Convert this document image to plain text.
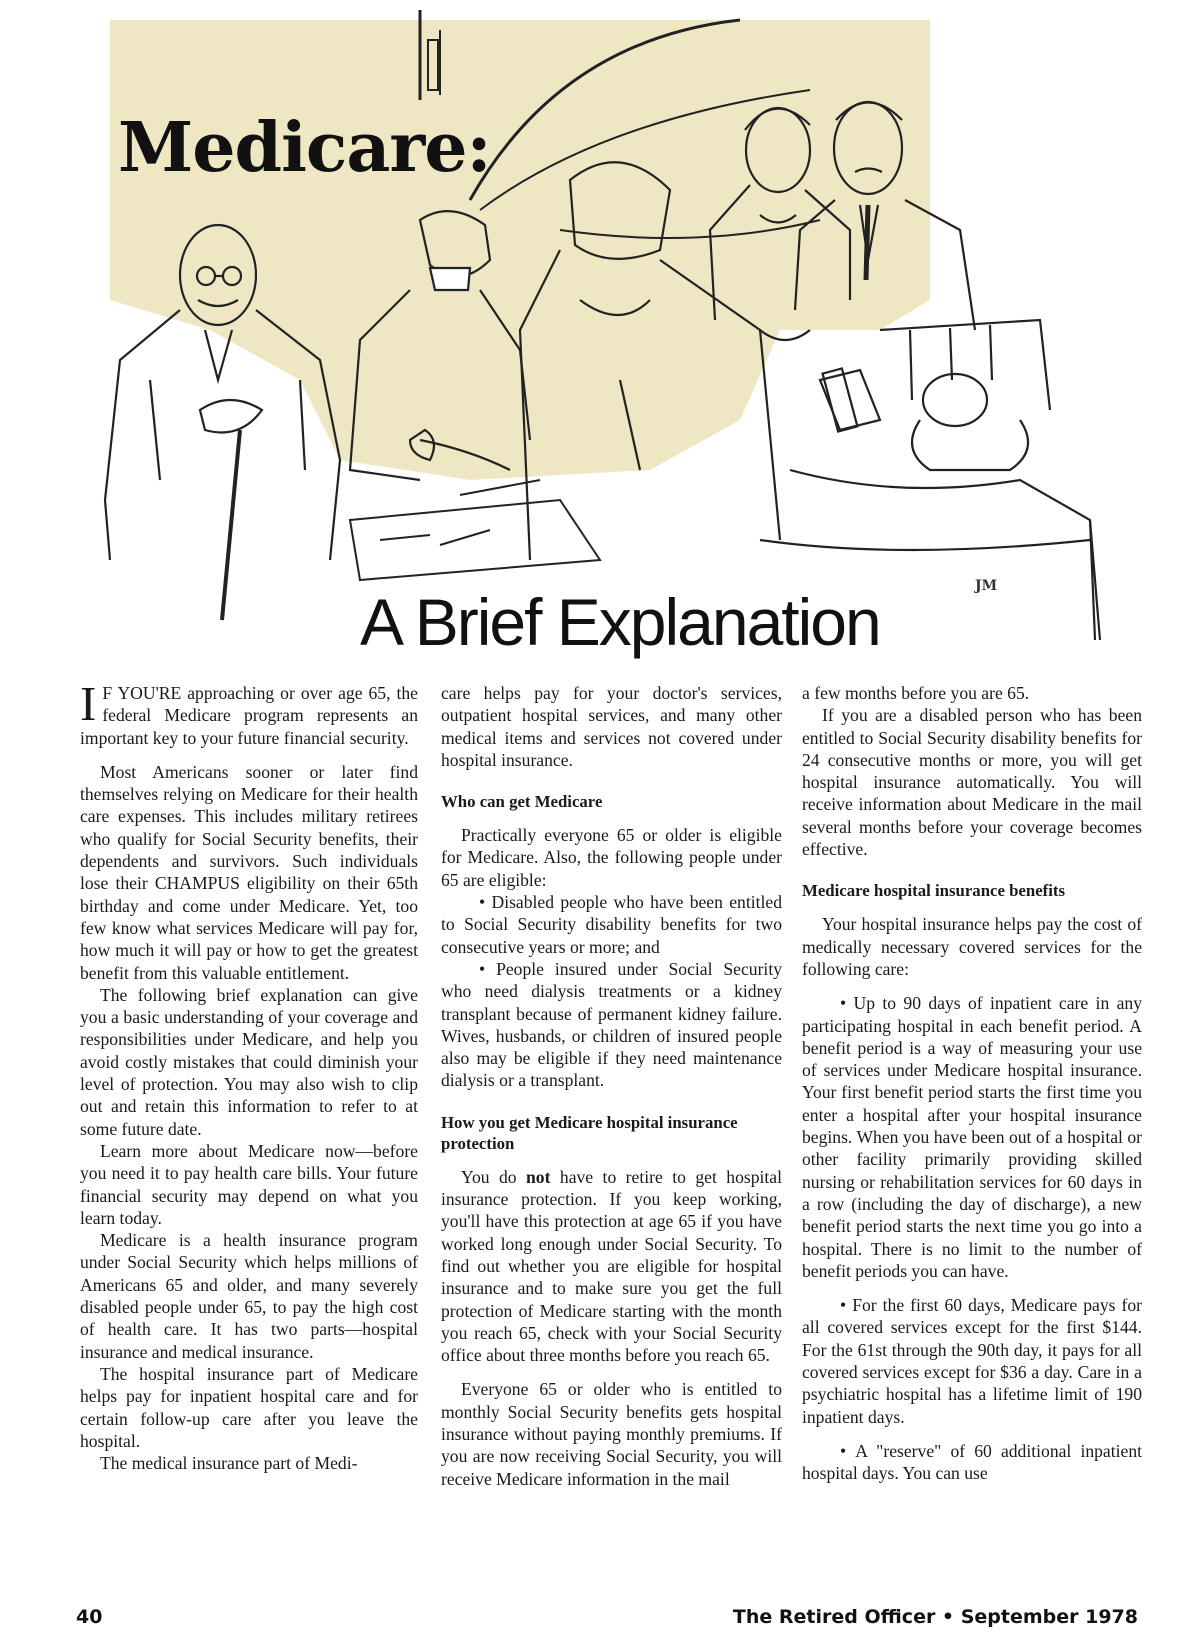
Medicare:
A Brief Explanation	JM

I F YOU'RE approaching or over age 65, the federal Medicare program represents an important key to your future financial security.

Most Americans sooner or later find themselves relying on Medicare for their health care expenses. This includes military retirees who qualify for Social Security benefits, their dependents and survivors. Such individuals lose their CHAMPUS eligibility on their 65th birthday and come under Medicare. Yet, too few know what services Medicare will pay for, how much it will pay or how to get the greatest benefit from this valuable entitlement.

The following brief explanation can give you a basic understanding of your coverage and responsibilities under Medicare, and help you avoid costly mistakes that could diminish your level of protection. You may also wish to clip out and retain this information to refer to at some future date.

Learn more about Medicare now—before you need it to pay health care bills. Your future financial security may depend on what you learn today.

Medicare is a health insurance program under Social Security which helps millions of Americans 65 and older, and many severely disabled people under 65, to pay the high cost of health care. It has two parts—hospital insurance and medical insurance.

The hospital insurance part of Medicare helps pay for inpatient hospital care and for certain follow-up care after you leave the hospital.

The medical insurance part of Medi-

care helps pay for your doctor's services, outpatient hospital services, and many other medical items and services not covered under hospital insurance.

Who can get Medicare

Practically everyone 65 or older is eligible for Medicare. Also, the following people under 65 are eligible:

• Disabled people who have been entitled to Social Security disability benefits for two consecutive years or more; and

• People insured under Social Security who need dialysis treatments or a kidney transplant because of permanent kidney failure. Wives, husbands, or children of insured people also may be eligible if they need maintenance dialysis or a transplant.

How you get Medicare hospital insurance protection

You do not have to retire to get hospital insurance protection. If you keep working, you'll have this protection at age 65 if you have worked long enough under Social Security. To find out whether you are eligible for hospital insurance and to make sure you get the full protection of Medicare starting with the month you reach 65, check with your Social Security office about three months before you reach 65.

Everyone 65 or older who is entitled to monthly Social Security benefits gets hospital insurance without paying monthly premiums. If you are now receiving Social Security, you will receive Medicare information in the mail

a few months before you are 65.

If you are a disabled person who has been entitled to Social Security disability benefits for 24 consecutive months or more, you will get hospital insurance automatically. You will receive information about Medicare in the mail several months before your coverage becomes effective.

Medicare hospital insurance benefits

Your hospital insurance helps pay the cost of medically necessary covered services for the following care:

• Up to 90 days of inpatient care in any participating hospital in each benefit period. A benefit period is a way of measuring your use of services under Medicare hospital insurance. Your first benefit period starts the first time you enter a hospital after your hospital insurance begins. When you have been out of a hospital or other facility primarily providing skilled nursing or rehabilitation services for 60 days in a row (including the day of discharge), a new benefit period starts the next time you go into a hospital. There is no limit to the number of benefit periods you can have.

• For the first 60 days, Medicare pays for all covered services except for the first $144. For the 61st through the 90th day, it pays for all covered services except for $36 a day. Care in a psychiatric hospital has a lifetime limit of 190 inpatient days.

• A "reserve" of 60 additional inpatient hospital days. You can use

40	The Retired Officer • September 1978
